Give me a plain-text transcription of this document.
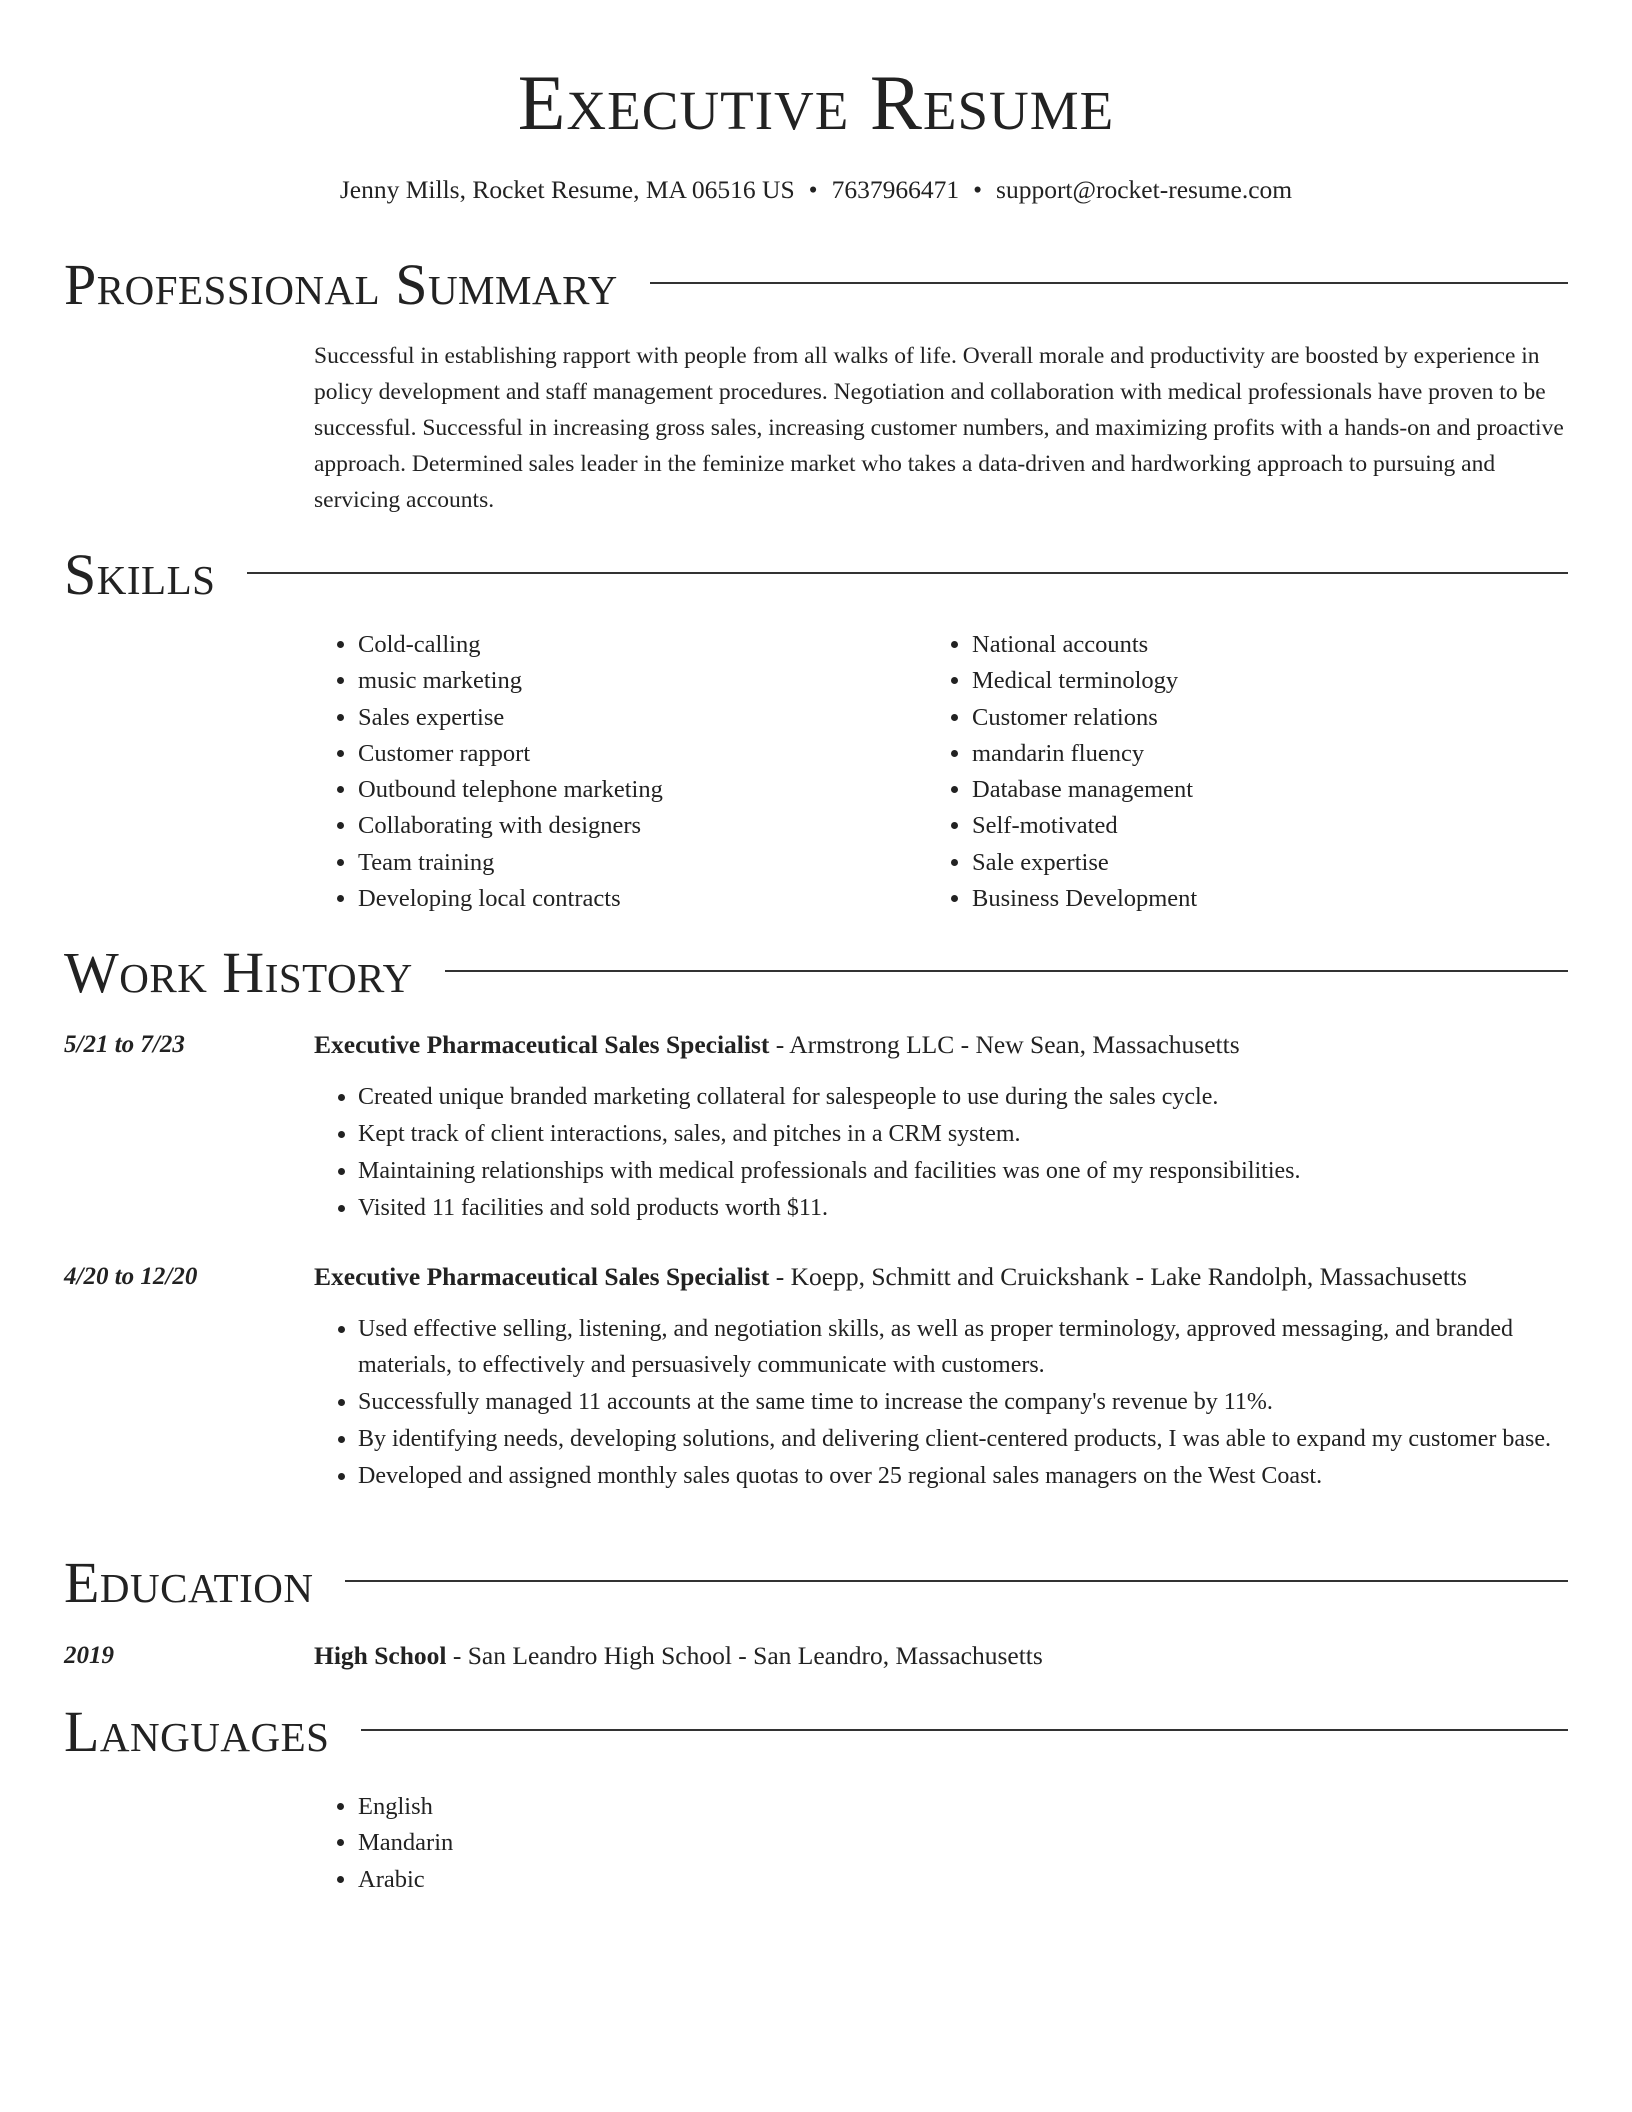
Executive Resume
Jenny Mills, Rocket Resume, MA 06516 US • 7637966471 • support@rocket-resume.com
Professional Summary

Successful in establishing rapport with people from all walks of life. Overall morale and productivity are boosted by experience in policy development and staff management procedures. Negotiation and collaboration with medical professionals have proven to be successful. Successful in increasing gross sales, increasing customer numbers, and maximizing profits with a hands-on and proactive approach. Determined sales leader in the feminize market who takes a data-driven and hardworking approach to pursuing and servicing accounts.

Skills
• Cold-calling
• music marketing
• Sales expertise
• Customer rapport
• Outbound telephone marketing
• Collaborating with designers
• Team training
• Developing local contracts
• National accounts
• Medical terminology
• Customer relations
• mandarin fluency
• Database management
• Self-motivated
• Sale expertise
• Business Development
Work History
5/21 to 7/23	Executive Pharmaceutical Sales Specialist - Armstrong LLC - New Sean, Massachusetts
• Created unique branded marketing collateral for salespeople to use during the sales cycle.
• Kept track of client interactions, sales, and pitches in a CRM system.
• Maintaining relationships with medical professionals and facilities was one of my responsibilities.
• Visited 11 facilities and sold products worth $11.
4/20 to 12/20	Executive Pharmaceutical Sales Specialist - Koepp, Schmitt and Cruickshank - Lake Randolph, Massachusetts
• Used effective selling, listening, and negotiation skills, as well as proper terminology, approved messaging, and branded materials, to effectively and persuasively communicate with customers.
• Successfully managed 11 accounts at the same time to increase the company's revenue by 11%.
• By identifying needs, developing solutions, and delivering client-centered products, I was able to expand my customer base.
• Developed and assigned monthly sales quotas to over 25 regional sales managers on the West Coast.
Education
2019	High School - San Leandro High School - San Leandro, Massachusetts
Languages
• English
• Mandarin
• Arabic
